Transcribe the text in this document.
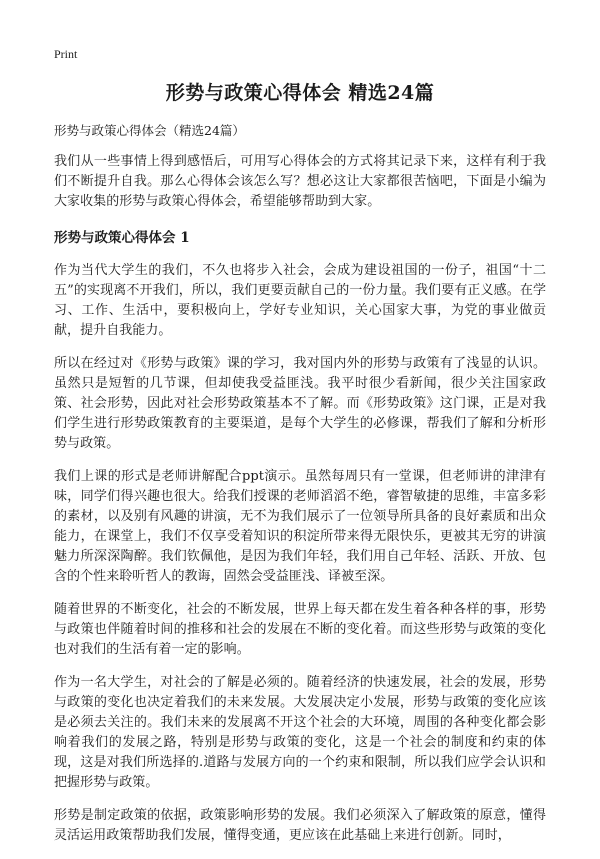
Print
形势与政策心得体会 精选24篇

形势与政策心得体会（精选24篇）

我们从一些事情上得到感悟后，可用写心得体会的方式将其记录下来，这样有利于我们不断提升自我。那么心得体会该怎么写？想必这让大家都很苦恼吧，下面是小编为大家收集的形势与政策心得体会，希望能够帮助到大家。

形势与政策心得体会 1

作为当代大学生的我们，不久也将步入社会，会成为建设祖国的一份子，祖国“十二五”的实现离不开我们，所以，我们更要贡献自己的一份力量。我们要有正义感。在学习、工作、生活中，要积极向上，学好专业知识，关心国家大事，为党的事业做贡献，提升自我能力。

所以在经过对《形势与政策》课的学习，我对国内外的形势与政策有了浅显的认识。虽然只是短暂的几节课，但却使我受益匪浅。我平时很少看新闻，很少关注国家政策、社会形势，因此对社会形势政策基本不了解。而《形势政策》这门课，正是对我们学生进行形势政策教育的主要渠道，是每个大学生的必修课，帮我们了解和分析形势与政策。

我们上课的形式是老师讲解配合ppt演示。虽然每周只有一堂课，但老师讲的津津有味，同学们得兴趣也很大。给我们授课的老师滔滔不绝，睿智敏捷的思维，丰富多彩的素材，以及别有风趣的讲演，无不为我们展示了一位领导所具备的良好素质和出众能力，在课堂上，我们不仅享受着知识的积淀所带来得无限快乐，更被其无穷的讲演魅力所深深陶醉。我们钦佩他，是因为我们年轻，我们用自己年轻、活跃、开放、包含的个性来聆听哲人的教诲，固然会受益匪浅、译被至深。

随着世界的不断变化，社会的不断发展，世界上每天都在发生着各种各样的事，形势与政策也伴随着时间的推移和社会的发展在不断的变化着。而这些形势与政策的变化也对我们的生活有着一定的影响。

作为一名大学生，对社会的了解是必须的。随着经济的快速发展，社会的发展，形势与政策的变化也决定着我们的未来发展。大发展决定小发展，形势与政策的变化应该是必须去关注的。我们未来的发展离不开这个社会的大环境，周围的各种变化都会影响着我们的发展之路，特别是形势与政策的变化，这是一个社会的制度和约束的体现，这是对我们所选择的.道路与发展方向的一个约束和限制，所以我们应学会认识和把握形势与政策。

形势是制定政策的依据，政策影响形势的发展。我们必须深入了解政策的原意，懂得灵活运用政策帮助我们发展，懂得变通，更应该在此基础上来进行创新。同时，
